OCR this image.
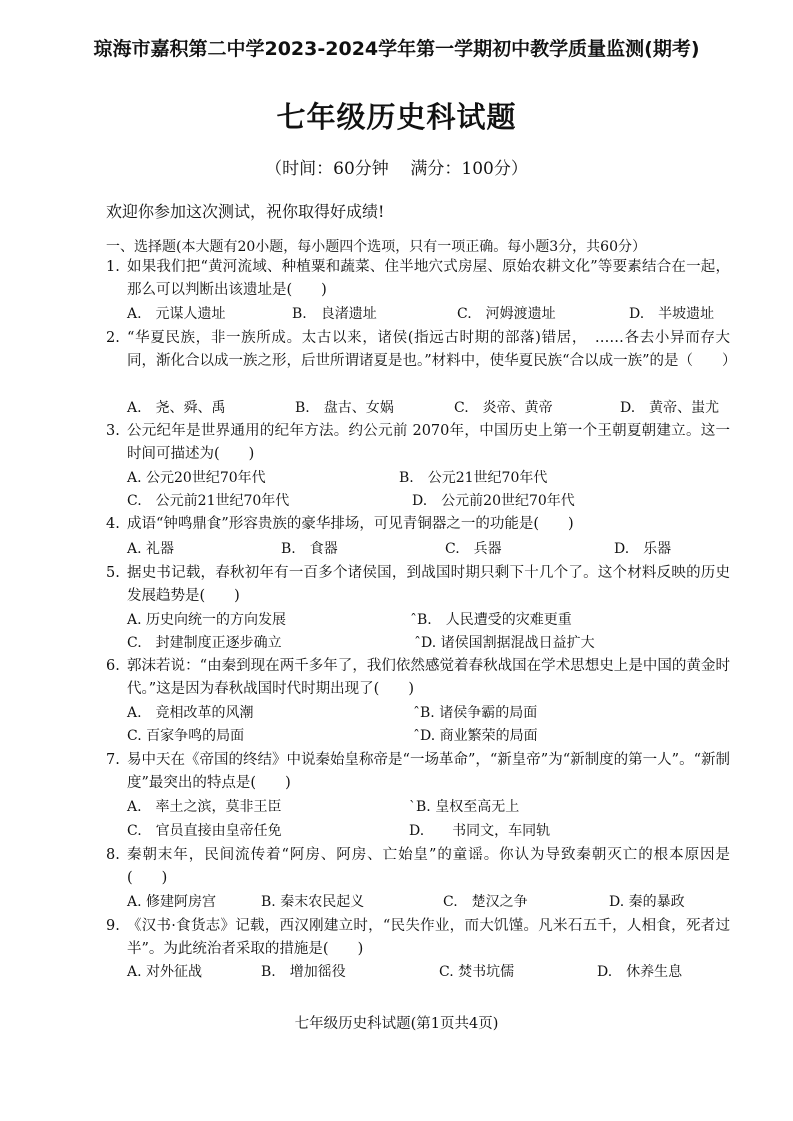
琼海市嘉积第二中学2023-2024学年第一学期初中教学质量监测(期考)
七年级历史科试题
（时间：60分钟    满分：100分）
欢迎你参加这次测试，祝你取得好成绩!
一、选择题(本大题有20小题，每小题四个选项，只有一项正确。每小题3分，共60分）
1. 如果我们把“黄河流域、种植粟和蔬菜、住半地穴式房屋、原始农耕文化”等要素结合在一起，那么可以判断出该遗址是(　　)
A.　元谋人遗址	B.　良渚遗址	C.　河姆渡遗址	D.　半坡遗址
2. “华夏民族，非一族所成。太古以来，诸侯(指远古时期的部落)错居，　……各去小异而存大同，渐化合以成一族之形，后世所谓诸夏是也。”材料中，使华夏民族“合以成一族”的是（　　）
A.　尧、舜、禹	B.　盘古、女娲	C.　炎帝、黄帝	D.　黄帝、蚩尤
3. 公元纪年是世界通用的纪年方法。约公元前 2070年，中国历史上第一个王朝夏朝建立。这一时间可描述为(　　)
A. 公元20世纪70年代	B.　公元21世纪70年代
C.　公元前21世纪70年代	D.　公元前20世纪70年代
4. 成语“钟鸣鼎食”形容贵族的豪华排场，可见青铜器之一的功能是(　　)
A. 礼器	B.　食器	C.　兵器	D.　乐器
5. 据史书记载，春秋初年有一百多个诸侯国，到战国时期只剩下十几个了。这个材料反映的历史发展趋势是(　　)
A. 历史向统一的方向发展	ˆB.　人民遭受的灾难更重
C.　封建制度正逐步确立	ˆD. 诸侯国割据混战日益扩大
6. 郭沫若说：“由秦到现在两千多年了，我们依然感觉着春秋战国在学术思想史上是中国的黄金时代。”这是因为春秋战国时代时期出现了(　　)
A.　竞相改革的风潮	ˆB. 诸侯争霸的局面
C. 百家争鸣的局面	ˆD. 商业繁荣的局面
7. 易中天在《帝国的终结》中说秦始皇称帝是“一场革命”，“新皇帝”为“新制度的第一人”。“新制度”最突出的特点是(　　)
A.　率土之滨，莫非王臣	ˋB. 皇权至高无上
C.　官员直接由皇帝任免	D.　　书同文，车同轨
8. 秦朝末年，民间流传着“阿房、阿房、亡始皇”的童谣。你认为导致秦朝灭亡的根本原因是(　　)
A. 修建阿房宫	B. 秦末农民起义	C.　楚汉之争	D. 秦的暴政
9. 《汉书·食货志》记载，西汉刚建立时，“民失作业，而大饥馑。凡米石五千，人相食，死者过半”。为此统治者采取的措施是(　　)
A. 对外征战	B.　增加徭役	C. 焚书坑儒	D.　休养生息
七年级历史科试题(第1页共4页)
